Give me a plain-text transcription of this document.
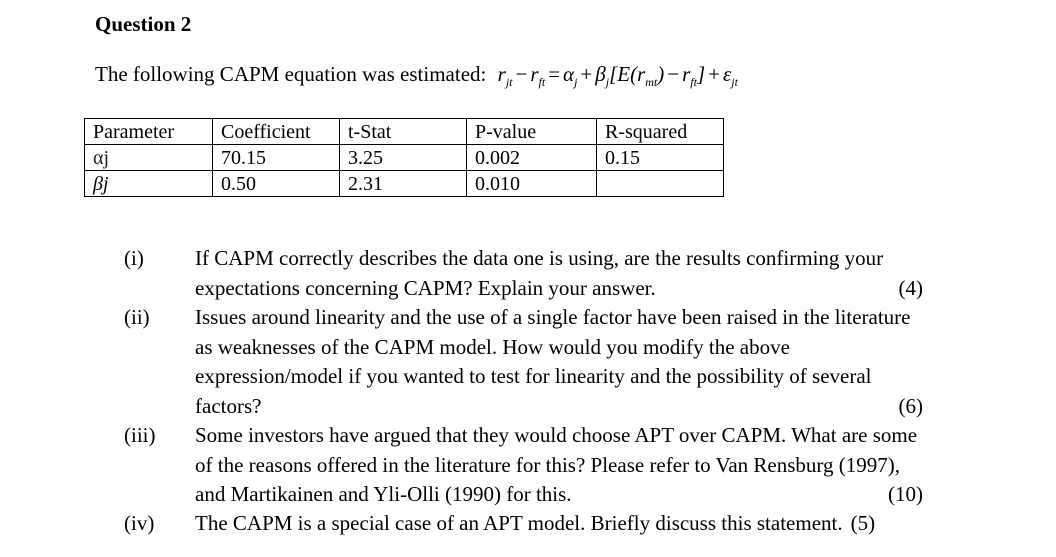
Question 2
The following CAPM equation was estimated: $r_{jt} - r_{ft} = \alpha_j + \beta_j[E(r_{mt}) - r_{ft}] + \varepsilon_{jt}$
Parameter	Coefficient	t-Stat	P-value	R-squared
αj	70.15	3.25	0.002	0.15
βj	0.50	2.31	0.010	
(i) If CAPM correctly describes the data one is using, are the results confirming your expectations concerning CAPM? Explain your answer.	(4)
(ii) Issues around linearity and the use of a single factor have been raised in the literature as weaknesses of the CAPM model. How would you modify the above expression/model if you wanted to test for linearity and the possibility of several factors?	(6)
(iii) Some investors have argued that they would choose APT over CAPM. What are some of the reasons offered in the literature for this? Please refer to Van Rensburg (1997), and Martikainen and Yli-Olli (1990) for this.	(10)
(iv) The CAPM is a special case of an APT model. Briefly discuss this statement. (5)
